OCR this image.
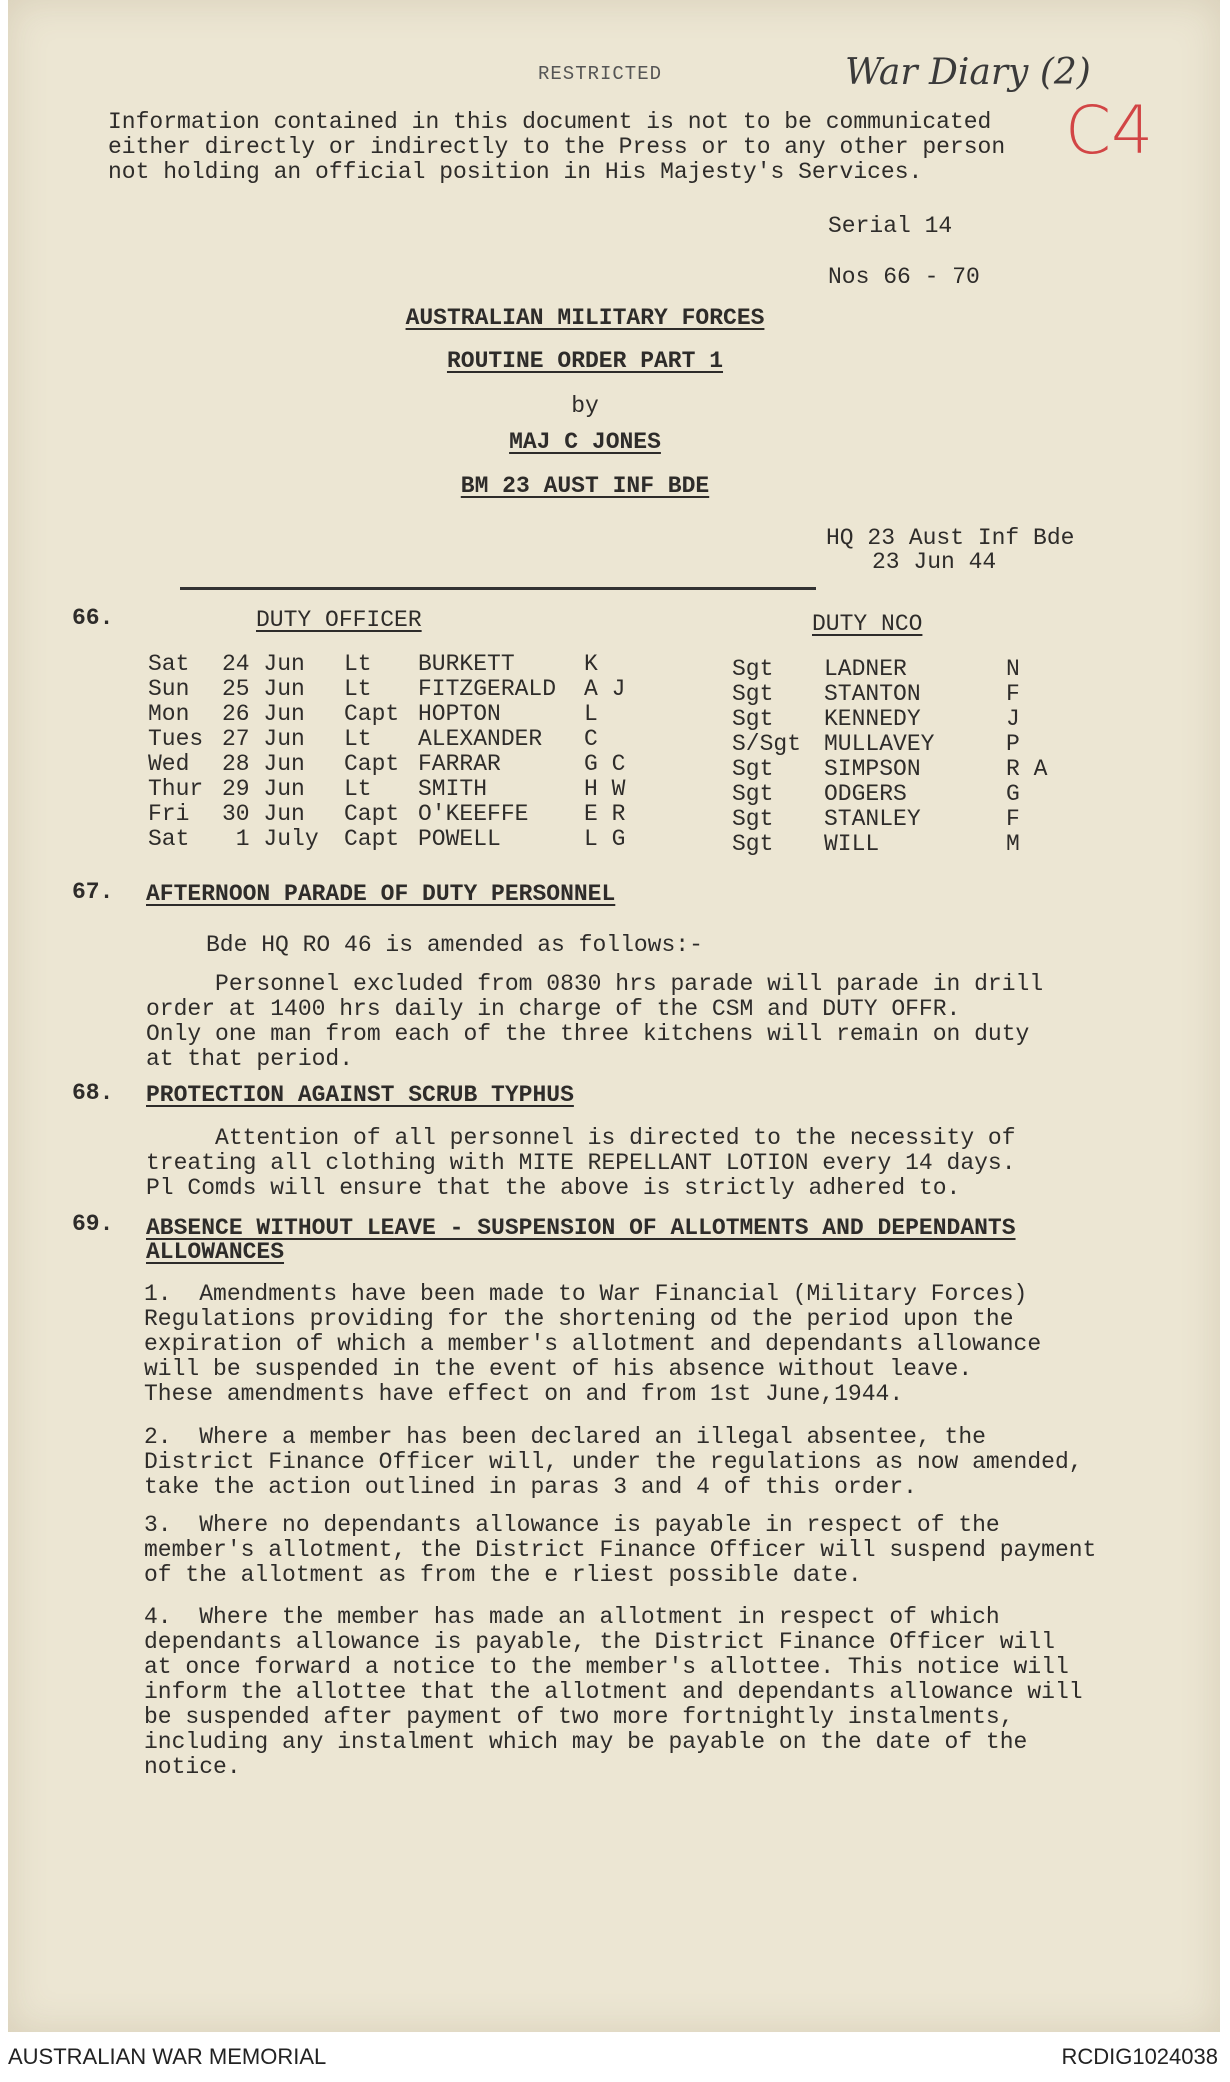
RESTRICTED
Information contained in this document is not to be communicated
either directly or indirectly to the Press or to any other person
not holding an official position in His Majesty's Services.
War Diary (2)
C4
Serial 14
Nos 66 - 70
AUSTRALIAN MILITARY FORCES
ROUTINE ORDER PART 1
by
MAJ C JONES
BM 23 AUST INF BDE
HQ 23 Aust Inf Bde
23 Jun 44
66.	DUTY OFFICER	DUTY NCO
Sat 24 Jun Lt BURKETT	K	Sgt LADNER	N
Sun 25 Jun Lt FITZGERALD A J	Sgt STANTON	F
Mon 26 Jun Capt HOPTON	L	Sgt KENNEDY	J
Tues 27 Jun Lt ALEXANDER C	S/Sgt MULLAVEY	P
Wed 28 Jun Capt FARRAR	G C	Sgt SIMPSON	R A
Thur 29 Jun Lt SMITH	H W	Sgt ODGERS	G
Fri 30 Jun Capt O'KEEFFE E R	Sgt STANLEY	F
Sat 1 July Capt POWELL	L G	Sgt WILL	M
67. AFTERNOON PARADE OF DUTY PERSONNEL
Bde HQ RO 46 is amended as follows:-
Personnel excluded from 0830 hrs parade will parade in drill
order at 1400 hrs daily in charge of the CSM and DUTY OFFR.
Only one man from each of the three kitchens will remain on duty
at that period.
68. PROTECTION AGAINST SCRUB TYPHUS
Attention of all personnel is directed to the necessity of
treating all clothing with MITE REPELLANT LOTION every 14 days.
Pl Comds will ensure that the above is strictly adhered to.
69. ABSENCE WITHOUT LEAVE - SUSPENSION OF ALLOTMENTS AND DEPENDANTS
ALLOWANCES
1.  Amendments have been made to War Financial (Military Forces)
Regulations providing for the shortening od the period upon the
expiration of which a member's allotment and dependants allowance
will be suspended in the event of his absence without leave.
These amendments have effect on and from 1st June,1944.
2.  Where a member has been declared an illegal absentee, the
District Finance Officer will, under the regulations as now amended,
take the action outlined in paras 3 and 4 of this order.
3.  Where no dependants allowance is payable in respect of the
member's allotment, the District Finance Officer will suspend payment
of the allotment as from the e rliest possible date.
4.  Where the member has made an allotment in respect of which
dependants allowance is payable, the District Finance Officer will
at once forward a notice to the member's allottee. This notice will
inform the allottee that the allotment and dependants allowance will
be suspended after payment of two more fortnightly instalments,
including any instalment which may be payable on the date of the
notice.
AUSTRALIAN WAR MEMORIAL	RCDIG1024038
